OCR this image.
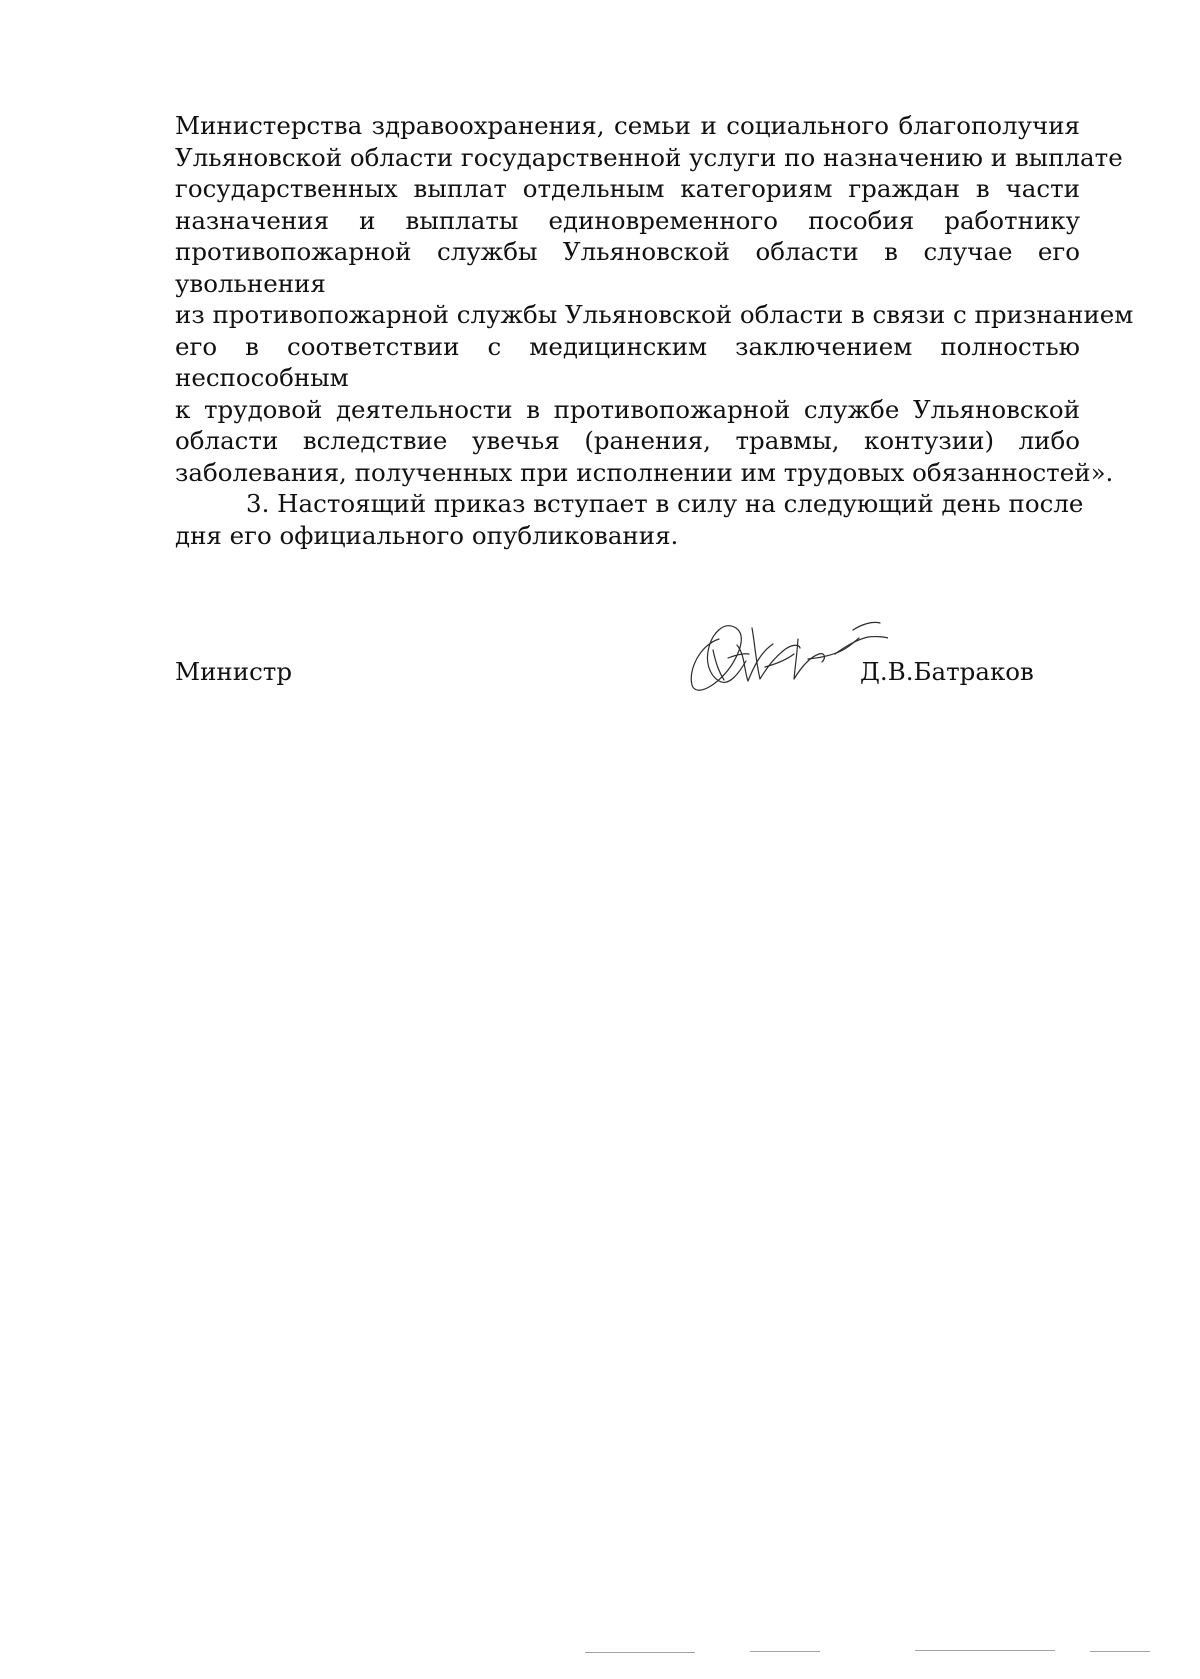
Министерства здравоохранения, семьи и социального благополучия
Ульяновской области государственной услуги по назначению и выплате
государственных выплат отдельным категориям граждан в части
назначения и выплаты единовременного пособия работнику
противопожарной службы Ульяновской области в случае его
увольнения
из противопожарной службы Ульяновской области в связи с признанием
его в соответствии с медицинским заключением полностью
неспособным
к трудовой деятельности в противопожарной службе Ульяновской
области вследствие увечья (ранения, травмы, контузии) либо
заболевания, полученных при исполнении им трудовых обязанностей».
3. Настоящий приказ вступает в силу на следующий день после
дня его официального опубликования.
Министр	Д.В.Батраков
